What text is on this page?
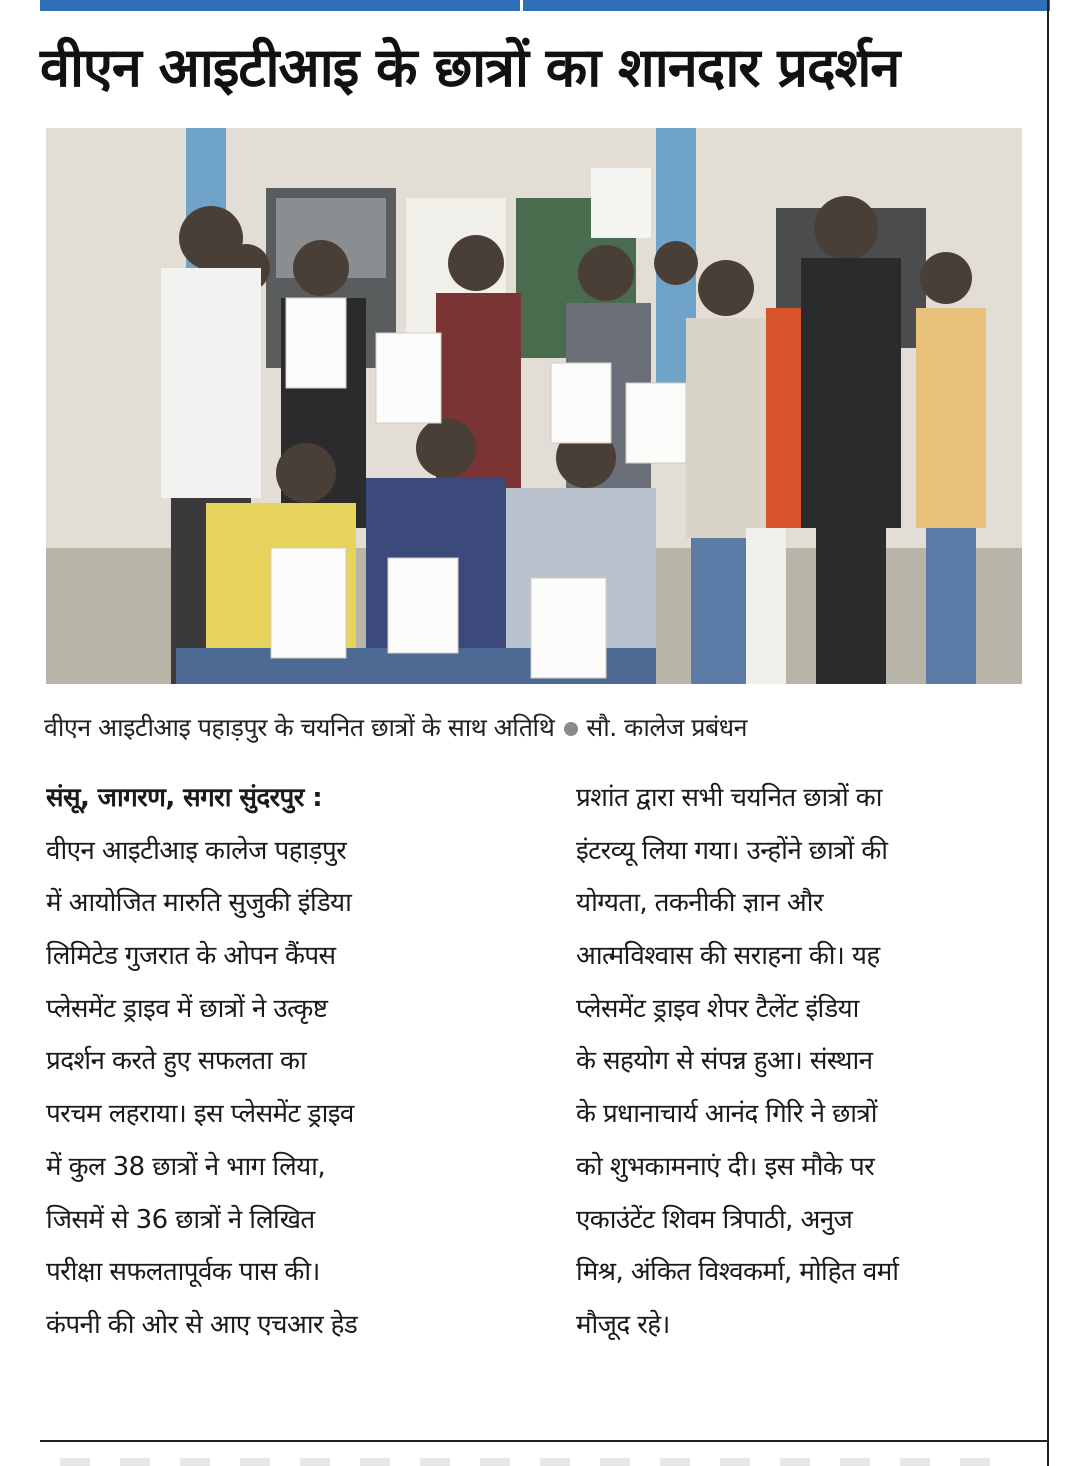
वीएन आइटीआइ के छात्रों का शानदार प्रदर्शन
वीएन आइटीआइ पहाड़पुर के चयनित छात्रों के साथ अतिथि सौ. कालेज प्रबंधन
संसू, जागरण, सगरा सुंदरपुर :
वीएन आइटीआइ कालेज पहाड़पुर
में आयोजित मारुति सुजुकी इंडिया
लिमिटेड गुजरात के ओपन कैंपस
प्लेसमेंट ड्राइव में छात्रों ने उत्कृष्ट
प्रदर्शन करते हुए सफलता का
परचम लहराया। इस प्लेसमेंट ड्राइव
में कुल 38 छात्रों ने भाग लिया,
जिसमें से 36 छात्रों ने लिखित
परीक्षा सफलतापूर्वक पास की।
कंपनी की ओर से आए एचआर हेड
प्रशांत द्वारा सभी चयनित छात्रों का
इंटरव्यू लिया गया। उन्होंने छात्रों की
योग्यता, तकनीकी ज्ञान और
आत्मविश्वास की सराहना की। यह
प्लेसमेंट ड्राइव शेपर टैलेंट इंडिया
के सहयोग से संपन्न हुआ। संस्थान
के प्रधानाचार्य आनंद गिरि ने छात्रों
को शुभकामनाएं दी। इस मौके पर
एकाउंटेंट शिवम त्रिपाठी, अनुज
मिश्र, अंकित विश्वकर्मा, मोहित वर्मा
मौजूद रहे।
